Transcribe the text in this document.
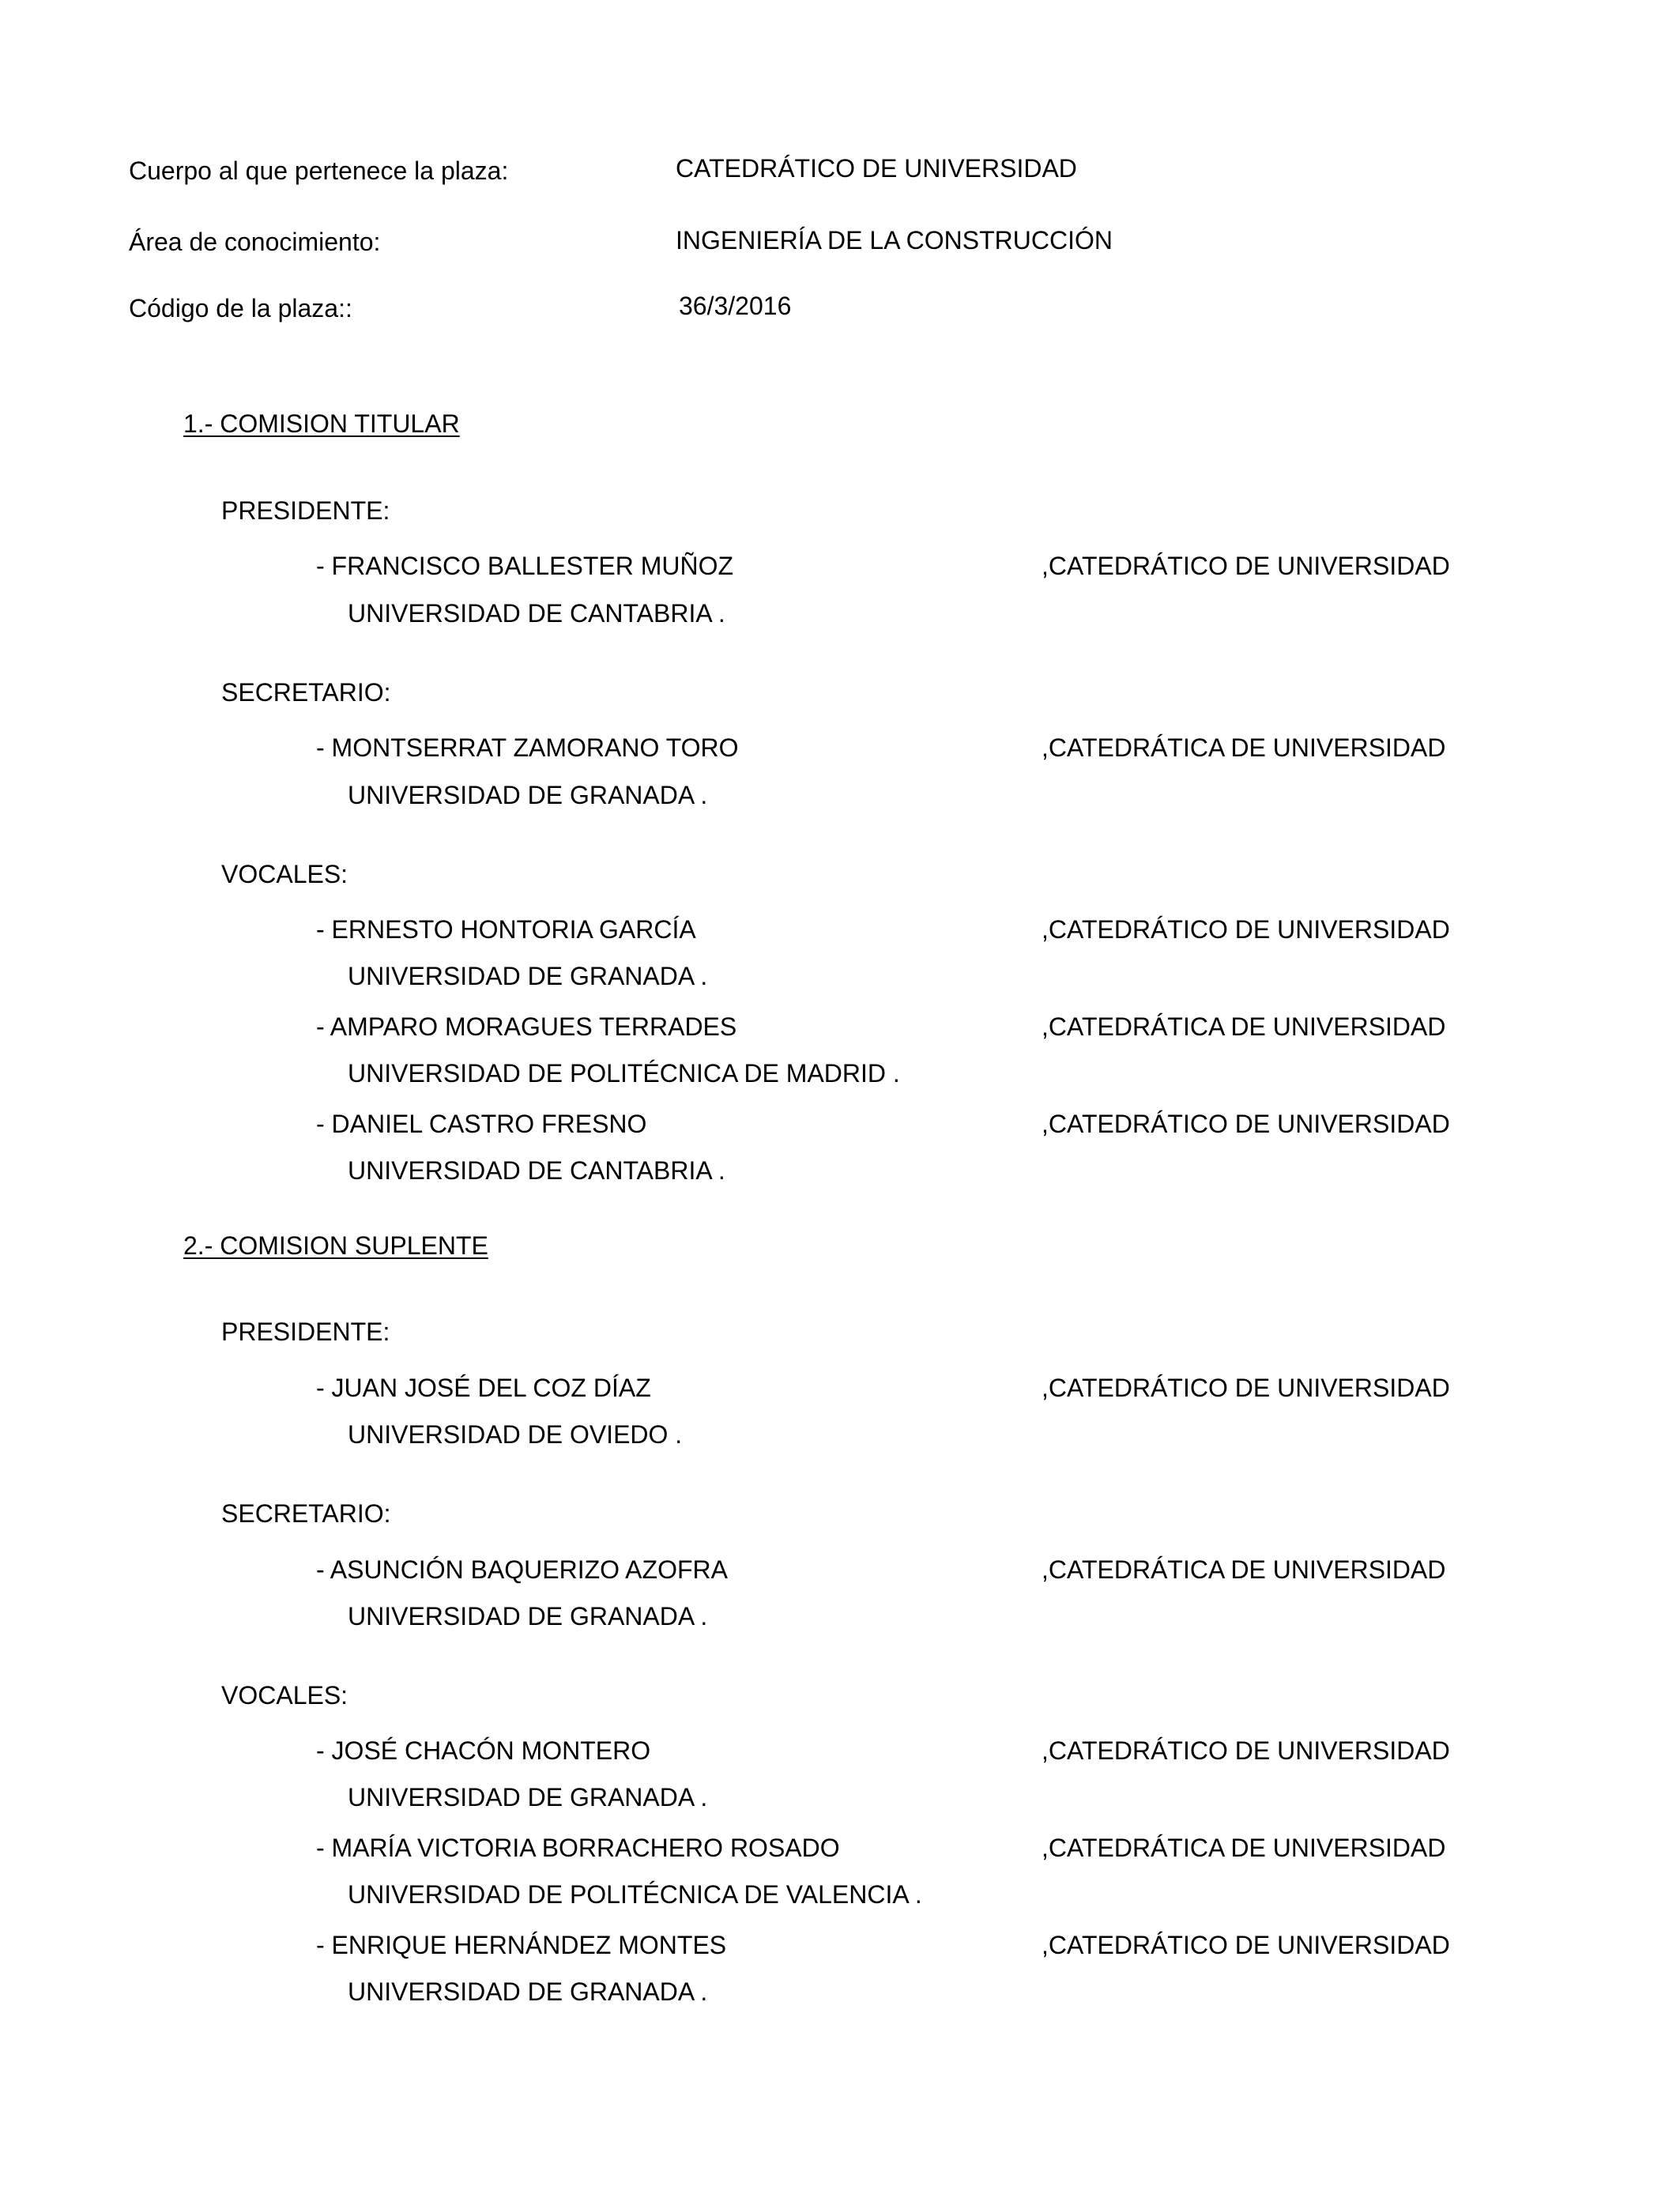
Cuerpo al que pertenece la plaza:	CATEDRÁTICO DE UNIVERSIDAD
Área de conocimiento:	INGENIERÍA DE LA CONSTRUCCIÓN
Código de la plaza::	36/3/2016
1.- COMISION TITULAR
PRESIDENTE:
- FRANCISCO BALLESTER MUÑOZ	,CATEDRÁTICO DE UNIVERSIDAD
UNIVERSIDAD DE CANTABRIA .
SECRETARIO:
- MONTSERRAT ZAMORANO TORO	,CATEDRÁTICA DE UNIVERSIDAD
UNIVERSIDAD DE GRANADA .
VOCALES:
- ERNESTO HONTORIA GARCÍA	,CATEDRÁTICO DE UNIVERSIDAD
UNIVERSIDAD DE GRANADA .
- AMPARO MORAGUES TERRADES	,CATEDRÁTICA DE UNIVERSIDAD
UNIVERSIDAD DE POLITÉCNICA DE MADRID .
- DANIEL CASTRO FRESNO	,CATEDRÁTICO DE UNIVERSIDAD
UNIVERSIDAD DE CANTABRIA .
2.- COMISION SUPLENTE
PRESIDENTE:
- JUAN JOSÉ DEL COZ DÍAZ	,CATEDRÁTICO DE UNIVERSIDAD
UNIVERSIDAD DE OVIEDO .
SECRETARIO:
- ASUNCIÓN BAQUERIZO AZOFRA	,CATEDRÁTICA DE UNIVERSIDAD
UNIVERSIDAD DE GRANADA .
VOCALES:
- JOSÉ CHACÓN MONTERO	,CATEDRÁTICO DE UNIVERSIDAD
UNIVERSIDAD DE GRANADA .
- MARÍA VICTORIA BORRACHERO ROSADO	,CATEDRÁTICA DE UNIVERSIDAD
UNIVERSIDAD DE POLITÉCNICA DE VALENCIA .
- ENRIQUE HERNÁNDEZ MONTES	,CATEDRÁTICO DE UNIVERSIDAD
UNIVERSIDAD DE GRANADA .
